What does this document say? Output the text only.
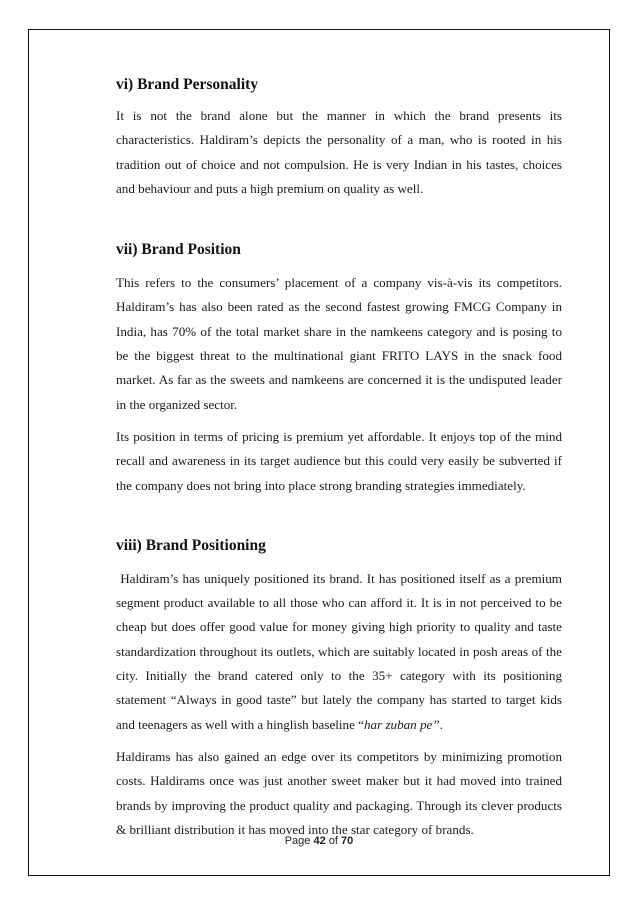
vi) Brand Personality

It is not the brand alone but the manner in which the brand presents its characteristics. Haldiram’s depicts the personality of a man, who is rooted in his tradition out of choice and not compulsion. He is very Indian in his tastes, choices and behaviour and puts a high premium on quality as well.

vii) Brand Position

This refers to the consumers’ placement of a company vis-à-vis its competitors. Haldiram’s has also been rated as the second fastest growing FMCG Company in India, has 70% of the total market share in the namkeens category and is posing to be the biggest threat to the multinational giant FRITO LAYS in the snack food market. As far as the sweets and namkeens are concerned it is the undisputed leader in the organized sector.

Its position in terms of pricing is premium yet affordable. It enjoys top of the mind recall and awareness in its target audience but this could very easily be subverted if the company does not bring into place strong branding strategies immediately.

viii) Brand Positioning

Haldiram’s has uniquely positioned its brand. It has positioned itself as a premium segment product available to all those who can afford it. It is in not perceived to be cheap but does offer good value for money giving high priority to quality and taste standardization throughout its outlets, which are suitably located in posh areas of the city. Initially the brand catered only to the 35+ category with its positioning statement “Always in good taste” but lately the company has started to target kids and teenagers as well with a hinglish baseline “har zuban pe”.

Haldirams has also gained an edge over its competitors by minimizing promotion costs. Haldirams once was just another sweet maker but it had moved into trained brands by improving the product quality and packaging. Through its clever products & brilliant distribution it has moved into the star category of brands.

Page 42 of 70
